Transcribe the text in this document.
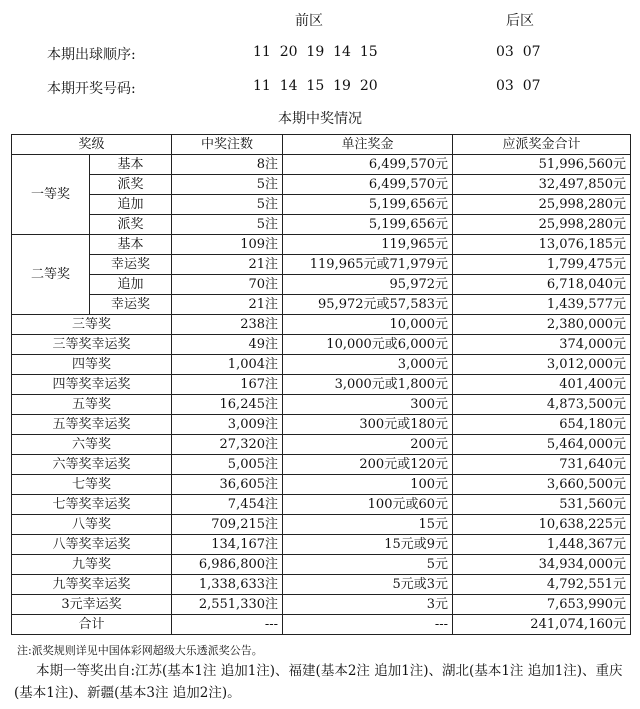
前区	后区
本期出球顺序:	11  20  19  14  15	03  07
本期开奖号码:	11  14  15  19  20	03  07
本期中奖情况
奖级		中奖注数	单注奖金	应派奖金合计
一等奖	基本	8注	6,499,570元	51,996,560元
	派奖	5注	6,499,570元	32,497,850元
	追加	5注	5,199,656元	25,998,280元
	派奖	5注	5,199,656元	25,998,280元
二等奖	基本	109注	119,965元	13,076,185元
	幸运奖	21注	119,965元或71,979元	1,799,475元
	追加	70注	95,972元	6,718,040元
	幸运奖	21注	95,972元或57,583元	1,439,577元
三等奖		238注	10,000元	2,380,000元
三等奖幸运奖		49注	10,000元或6,000元	374,000元
四等奖		1,004注	3,000元	3,012,000元
四等奖幸运奖		167注	3,000元或1,800元	401,400元
五等奖		16,245注	300元	4,873,500元
五等奖幸运奖		3,009注	300元或180元	654,180元
六等奖		27,320注	200元	5,464,000元
六等奖幸运奖		5,005注	200元或120元	731,640元
七等奖		36,605注	100元	3,660,500元
七等奖幸运奖		7,454注	100元或60元	531,560元
八等奖		709,215注	15元	10,638,225元
八等奖幸运奖		134,167注	15元或9元	1,448,367元
九等奖		6,986,800注	5元	34,934,000元
九等奖幸运奖		1,338,633注	5元或3元	4,792,551元
3元幸运奖		2,551,330注	3元	7,653,990元
合计		---	---	241,074,160元
注:派奖规则详见中国体彩网超级大乐透派奖公告。
本期一等奖出自:江苏(基本1注 追加1注)、福建(基本2注 追加1注)、湖北(基本1注 追加1注)、重庆(基本1注)、新疆(基本3注 追加2注)。
